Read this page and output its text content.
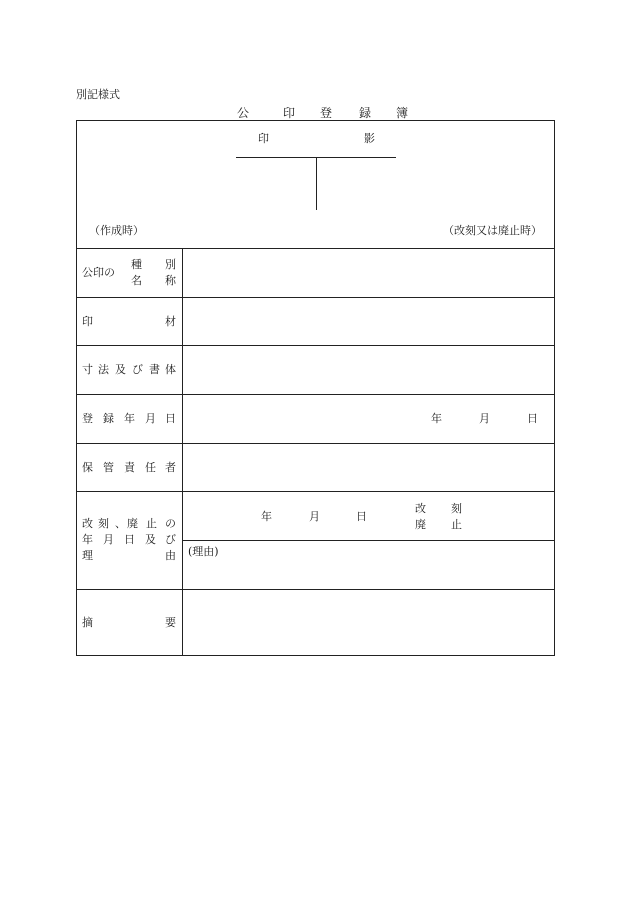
別記様式
公	印 登 録 簿
印	影
（作成時）	（改刻又は廃止時）
公印の
種 別
名 称
印	材
寸 法 及 び 書 体
登 録 年 月 日	年	月	日
保 管 責 任 者
改 刻 、 廃 止 の
年 月 日 及 び
理	由
年	月	日
改 刻
廃 止
(理由)
摘	要
